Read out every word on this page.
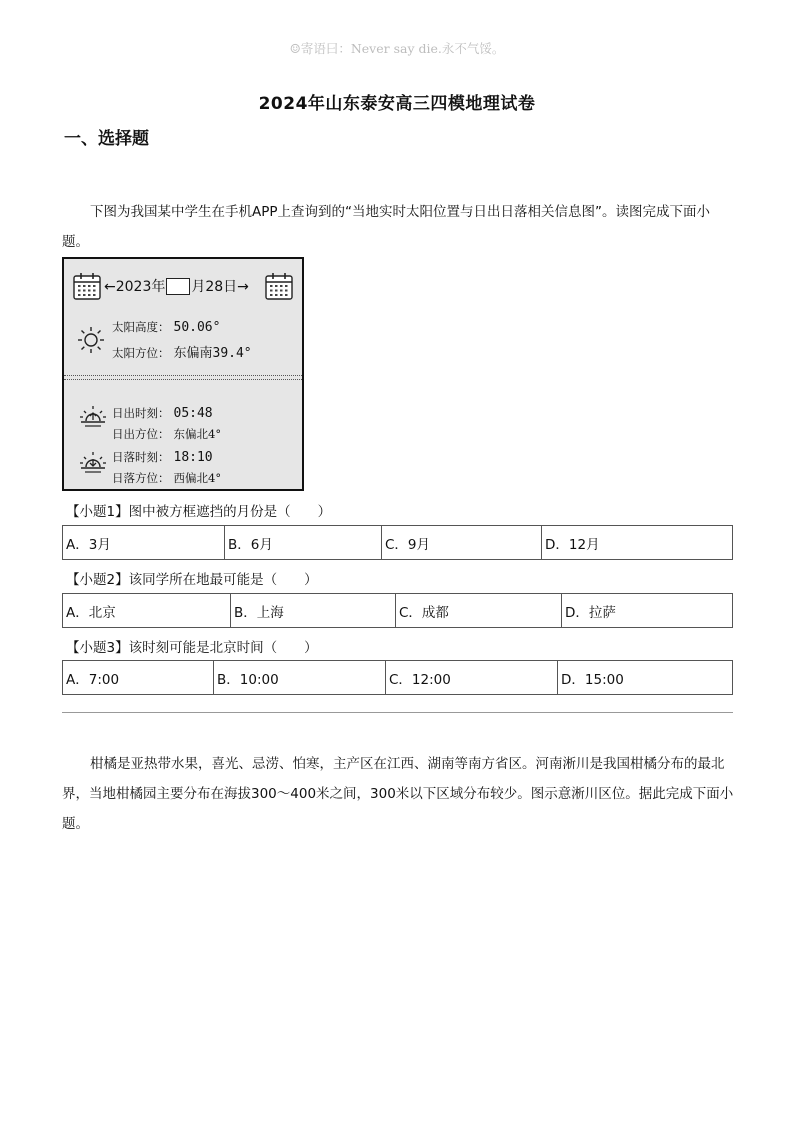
☺寄语曰：Never say die.永不气馁。
2024年山东泰安高三四模地理试卷
一、选择题
下图为我国某中学生在手机APP上查询到的“当地实时太阳位置与日出日落相关信息图”。读图完成下面小题。
←2023年 月28日→
太阳高度： 50.06°
太阳方位： 东偏南39.4°
日出时刻： 05:48
日出方位： 东偏北4°
日落时刻： 18:10
日落方位： 西偏北4°
【小题1】图中被方框遮挡的月份是（　　）
A．3月	B．6月	C．9月	D．12月
【小题2】该同学所在地最可能是（　　）
A．北京	B．上海	C．成都	D．拉萨
【小题3】该时刻可能是北京时间（　　）
A．7:00	B．10:00	C．12:00	D．15:00
柑橘是亚热带水果，喜光、忌涝、怕寒，主产区在江西、湖南等南方省区。河南淅川是我国柑橘分布的最北界，当地柑橘园主要分布在海拔300～400米之间，300米以下区域分布较少。图示意淅川区位。据此完成下面小题。
